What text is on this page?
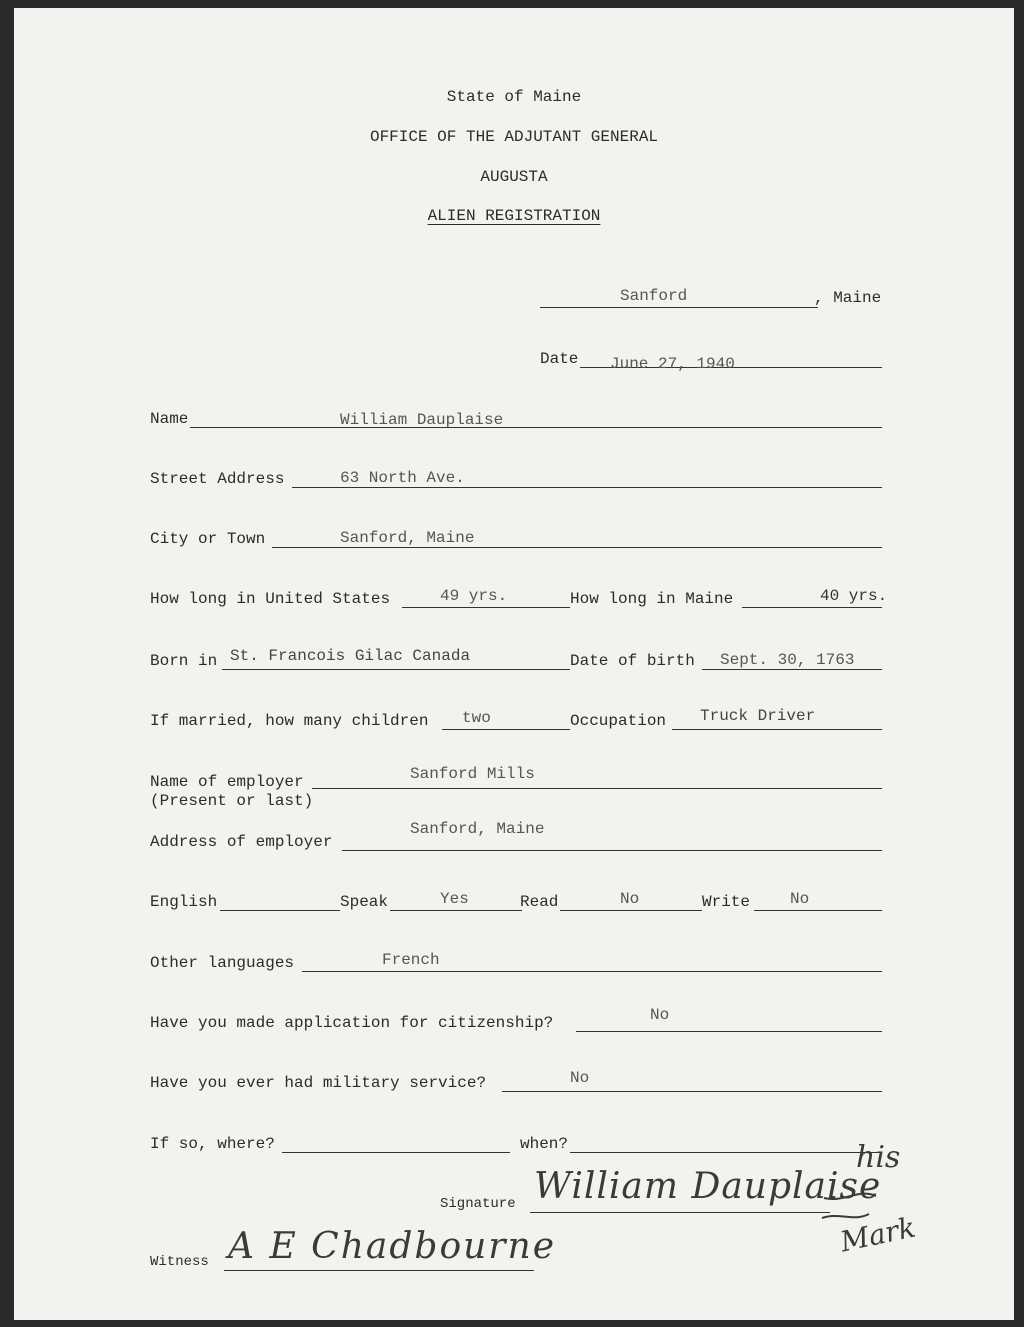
State of Maine
OFFICE OF THE ADJUTANT GENERAL
AUGUSTA
ALIEN REGISTRATION
Sanford	, Maine
Date June 27, 1940
Name	William Dauplaise
Street Address	63 North Ave.
City or Town	Sanford, Maine
How long in United States	49 yrs.	How long in Maine	40 yrs.
Born in St. Francois Gilac Canada	Date of birth Sept. 30, 1763
If married, how many children two	Occupation Truck Driver
Name of employer
(Present or last)
Sanford Mills
Address of employer
Sanford, Maine
English	Speak	Yes	Read	No	Write No
Other languages	French
Have you made application for citizenship?	No
Have you ever had military service?	No
If so, where?	when?
Signature William Dauplaise
his
Mark
Witness A E Chadbourne
